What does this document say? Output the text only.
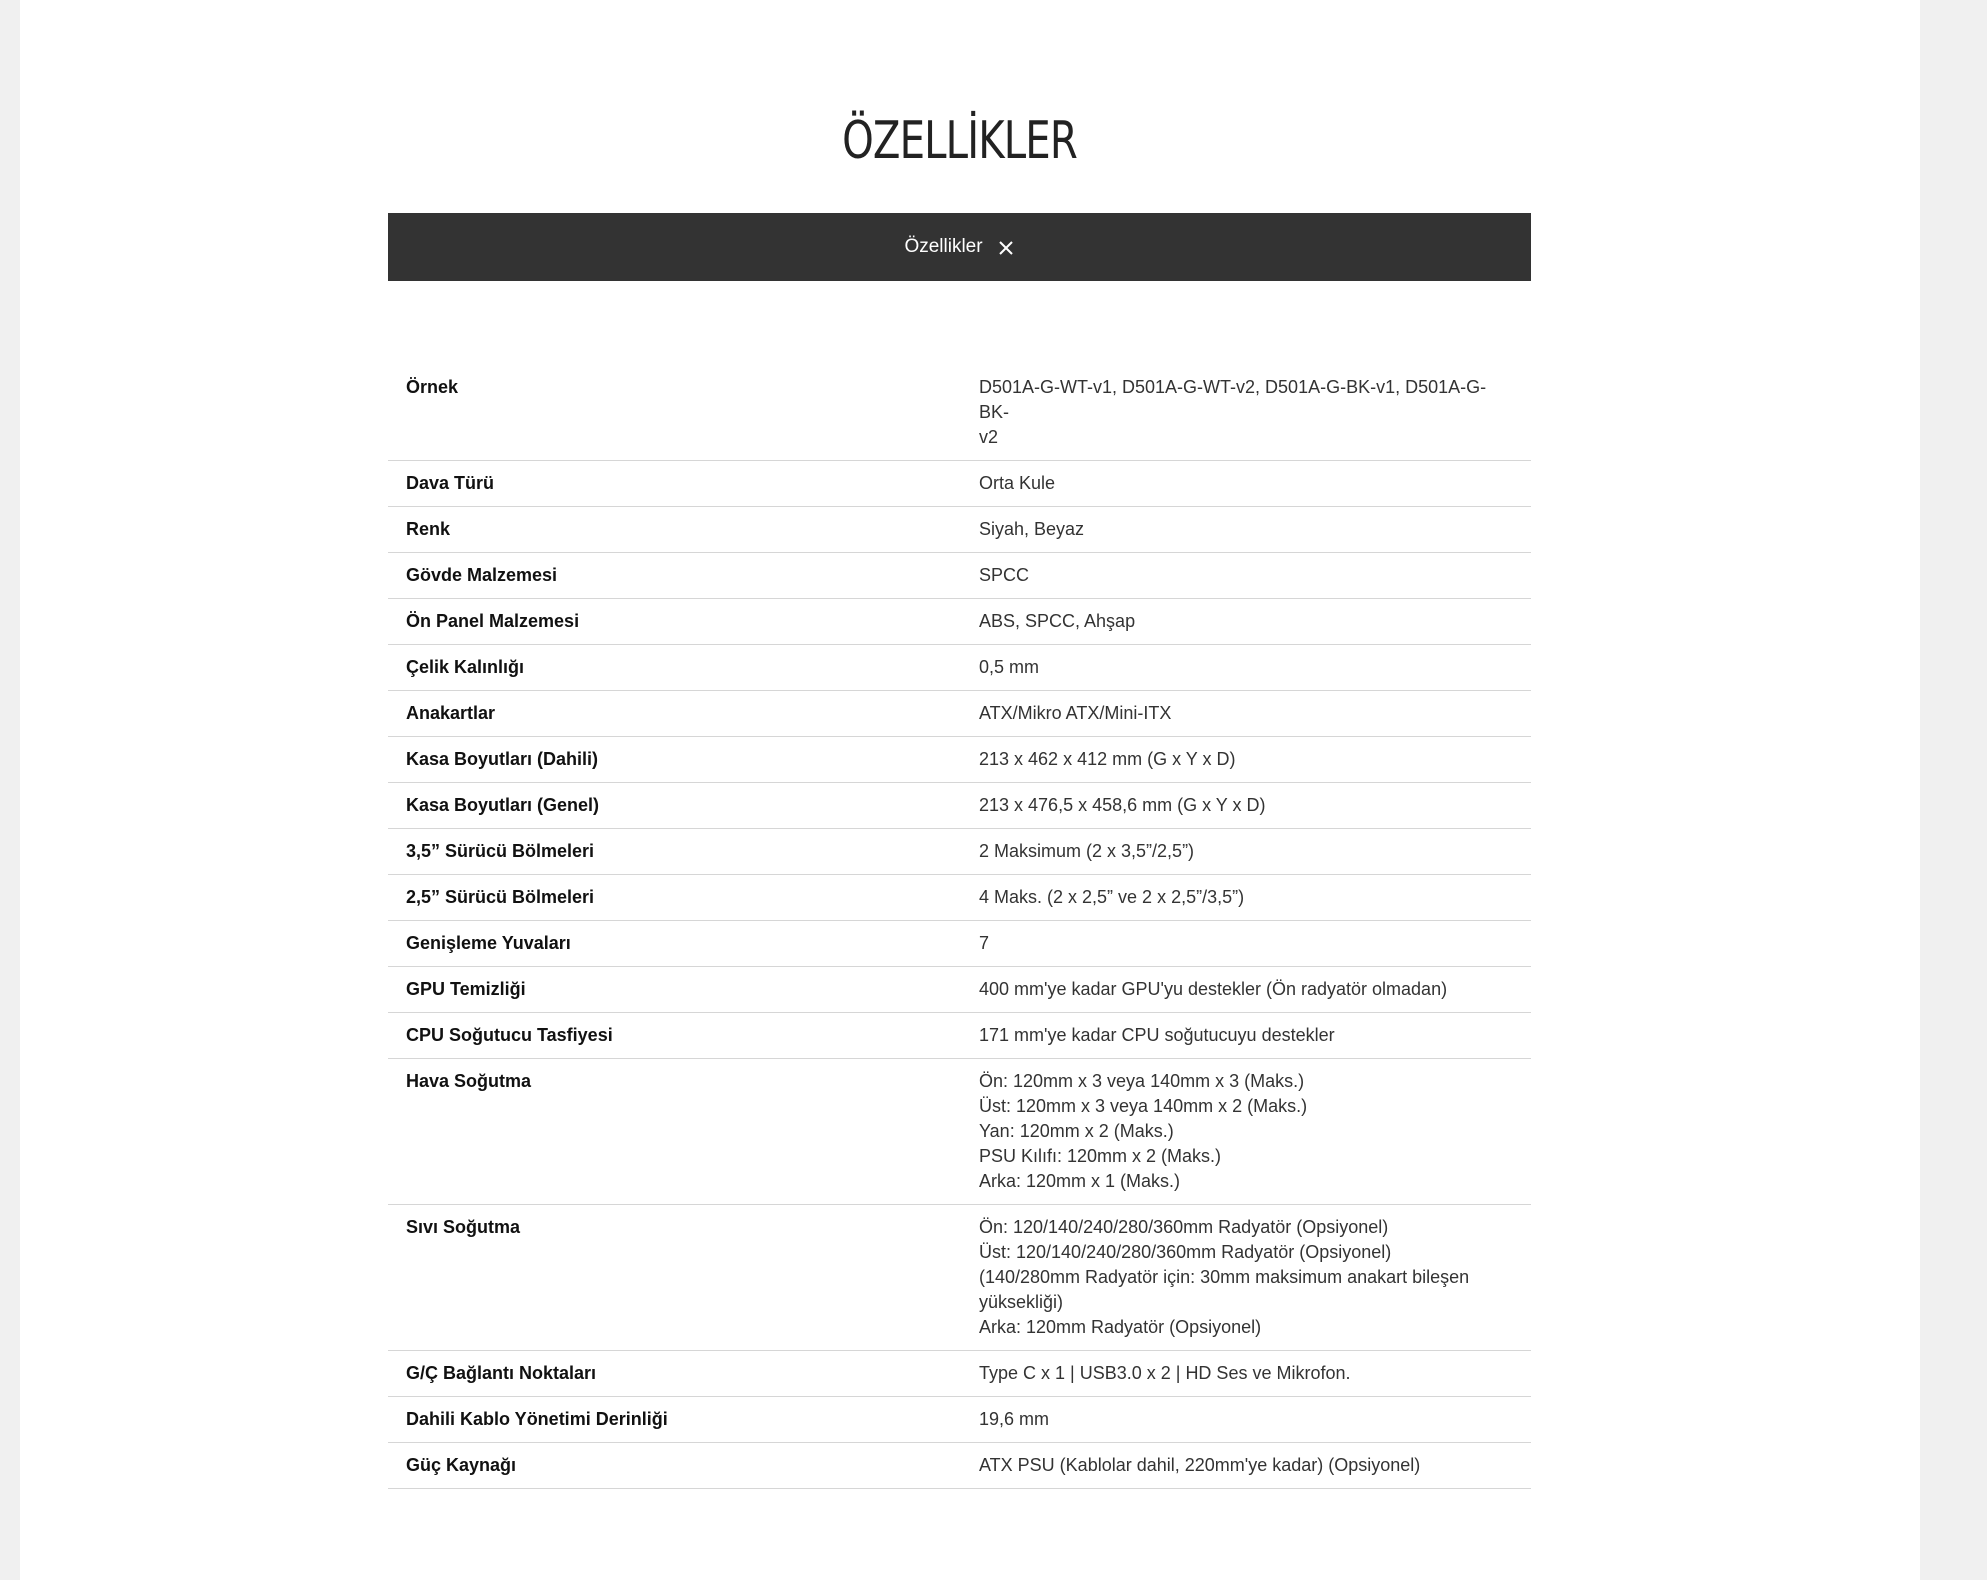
ÖZELLİKLER
Özellikler
Örnek	D501A-G-WT-v1, D501A-G-WT-v2, D501A-G-BK-v1, D501A-G-BK-
v2

Dava Türü	Orta Kule

Renk	Siyah, Beyaz

Gövde Malzemesi	SPCC

Ön Panel Malzemesi	ABS, SPCC, Ahşap

Çelik Kalınlığı	0,5 mm

Anakartlar	ATX/Mikro ATX/Mini-ITX

Kasa Boyutları (Dahili)	213 x 462 x 412 mm (G x Y x D)

Kasa Boyutları (Genel)	213 x 476,5 x 458,6 mm (G x Y x D)

3,5” Sürücü Bölmeleri	2 Maksimum (2 x 3,5”/2,5”)

2,5” Sürücü Bölmeleri	4 Maks. (2 x 2,5” ve 2 x 2,5”/3,5”)

Genişleme Yuvaları	7

GPU Temizliği	400 mm'ye kadar GPU'yu destekler (Ön radyatör olmadan)

CPU Soğutucu Tasfiyesi	171 mm'ye kadar CPU soğutucuyu destekler

Hava Soğutma	Ön: 120mm x 3 veya 140mm x 3 (Maks.)
Üst: 120mm x 3 veya 140mm x 2 (Maks.)
Yan: 120mm x 2 (Maks.)
PSU Kılıfı: 120mm x 2 (Maks.)
Arka: 120mm x 1 (Maks.)

Sıvı Soğutma	Ön: 120/140/240/280/360mm Radyatör (Opsiyonel)
Üst: 120/140/240/280/360mm Radyatör (Opsiyonel)
(140/280mm Radyatör için: 30mm maksimum anakart bileşen
yüksekliği)
Arka: 120mm Radyatör (Opsiyonel)

G/Ç Bağlantı Noktaları	Type C x 1 | USB3.0 x 2 | HD Ses ve Mikrofon.

Dahili Kablo Yönetimi Derinliği	19,6 mm

Güç Kaynağı	ATX PSU (Kablolar dahil, 220mm'ye kadar) (Opsiyonel)
